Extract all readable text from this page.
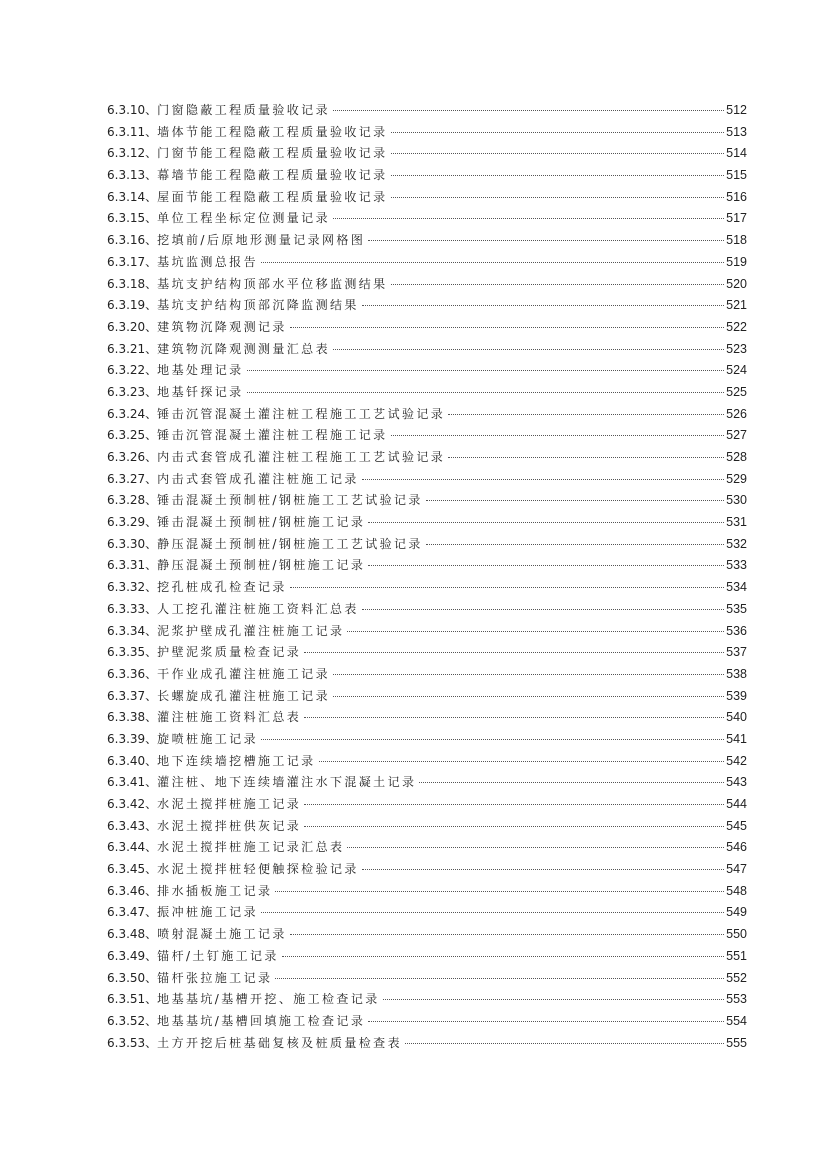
6.3.10、 门窗隐蔽工程质量验收记录	512
6.3.11、 墙体节能工程隐蔽工程质量验收记录	513
6.3.12、 门窗节能工程隐蔽工程质量验收记录	514
6.3.13、 幕墙节能工程隐蔽工程质量验收记录	515
6.3.14、 屋面节能工程隐蔽工程质量验收记录	516
6.3.15、 单位工程坐标定位测量记录	517
6.3.16、 挖填前/后原地形测量记录网格图	518
6.3.17、 基坑监测总报告	519
6.3.18、 基坑支护结构顶部水平位移监测结果	520
6.3.19、 基坑支护结构顶部沉降监测结果	521
6.3.20、 建筑物沉降观测记录	522
6.3.21、 建筑物沉降观测测量汇总表	523
6.3.22、 地基处理记录	524
6.3.23、 地基钎探记录	525
6.3.24、 锤击沉管混凝土灌注桩工程施工工艺试验记录	526
6.3.25、 锤击沉管混凝土灌注桩工程施工记录	527
6.3.26、 内击式套管成孔灌注桩工程施工工艺试验记录	528
6.3.27、 内击式套管成孔灌注桩施工记录	529
6.3.28、 锤击混凝土预制桩/钢桩施工工艺试验记录	530
6.3.29、 锤击混凝土预制桩/钢桩施工记录	531
6.3.30、 静压混凝土预制桩/钢桩施工工艺试验记录	532
6.3.31、 静压混凝土预制桩/钢桩施工记录	533
6.3.32、 挖孔桩成孔检查记录	534
6.3.33、 人工挖孔灌注桩施工资料汇总表	535
6.3.34、 泥浆护壁成孔灌注桩施工记录	536
6.3.35、 护壁泥浆质量检查记录	537
6.3.36、 干作业成孔灌注桩施工记录	538
6.3.37、 长螺旋成孔灌注桩施工记录	539
6.3.38、 灌注桩施工资料汇总表	540
6.3.39、 旋喷桩施工记录	541
6.3.40、 地下连续墙挖槽施工记录	542
6.3.41、 灌注桩、地下连续墙灌注水下混凝土记录	543
6.3.42、 水泥土搅拌桩施工记录	544
6.3.43、 水泥土搅拌桩供灰记录	545
6.3.44、 水泥土搅拌桩施工记录汇总表	546
6.3.45、 水泥土搅拌桩轻便触探检验记录	547
6.3.46、 排水插板施工记录	548
6.3.47、 振冲桩施工记录	549
6.3.48、 喷射混凝土施工记录	550
6.3.49、 锚杆/土钉施工记录	551
6.3.50、 锚杆张拉施工记录	552
6.3.51、 地基基坑/基槽开挖、施工检查记录	553
6.3.52、 地基基坑/基槽回填施工检查记录	554
6.3.53、 土方开挖后桩基础复核及桩质量检查表	555
